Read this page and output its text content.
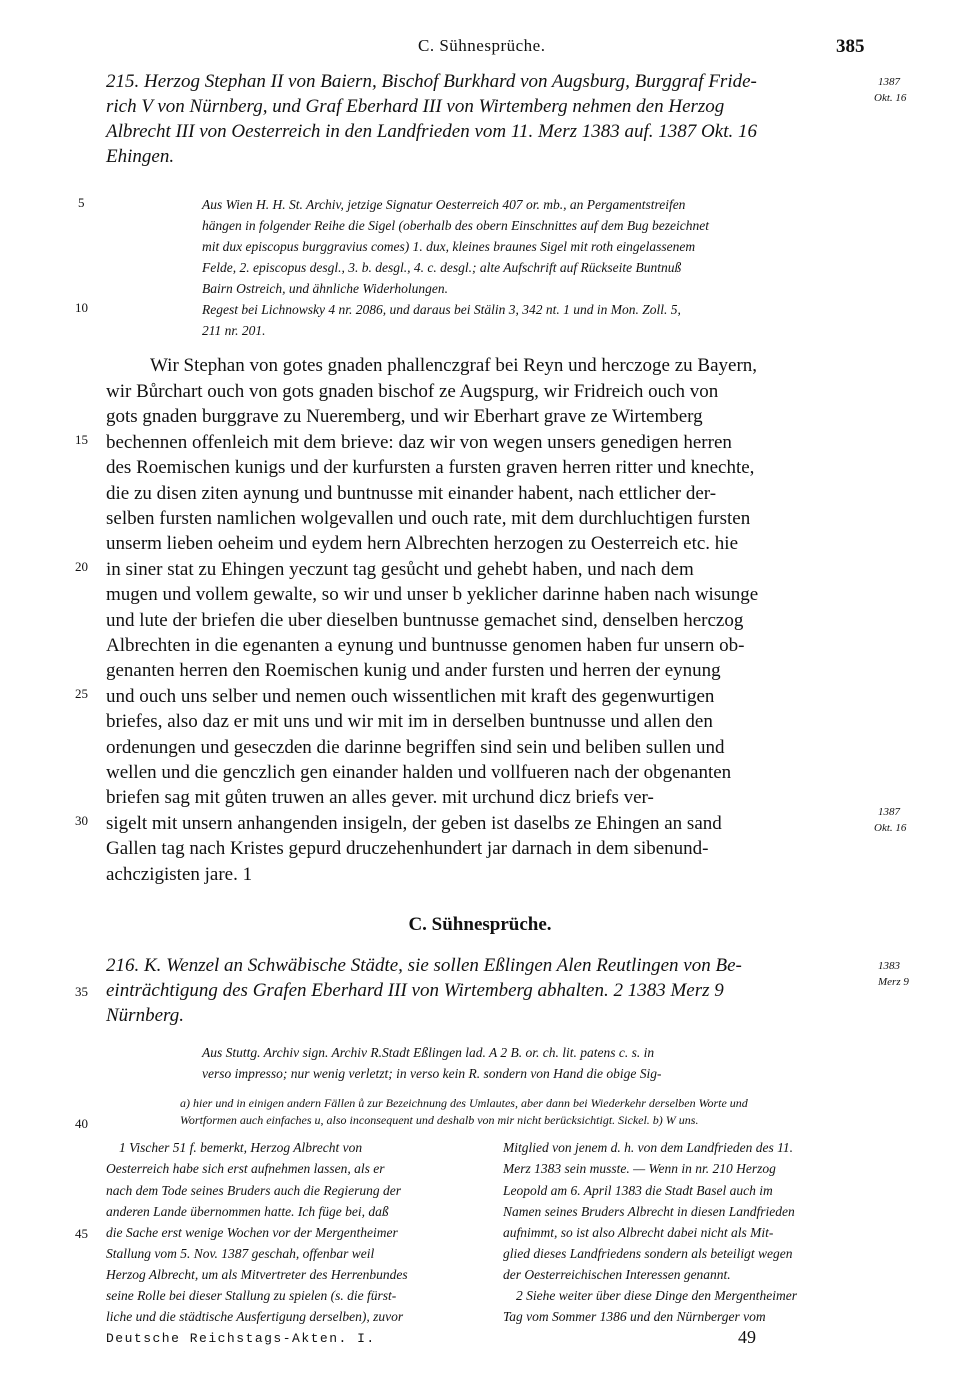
C. Sühnesprüche.	385
215. Herzog Stephan II von Baiern, Bischof Burkhard von Augsburg, Burggraf Fride-
rich V von Nürnberg, und Graf Eberhard III von Wirtemberg nehmen den Herzog
Albrecht III von Oesterreich in den Landfrieden vom 11. Merz 1383 auf. 1387 Okt. 16
Ehingen.
1387
Okt. 16
5
10
15
20
25
30
35
40
45
Aus Wien H. H. St. Archiv, jetzige Signatur Oesterreich 407 or. mb., an Pergamentstreifen
hängen in folgender Reihe die Sigel (oberhalb des obern Einschnittes auf dem Bug bezeichnet
mit dux episcopus burggravius comes) 1. dux, kleines braunes Sigel mit roth eingelassenem
Felde, 2. episcopus desgl., 3. b. desgl., 4. c. desgl.; alte Aufschrift auf Rückseite Buntnuß
Bairn Ostreich, und ähnliche Widerholungen.
Regest bei Lichnowsky 4 nr. 2086, und daraus bei Stälin 3, 342 nt. 1 und in Mon. Zoll. 5,
211 nr. 201.
Wir Stephan von gotes gnaden phallenczgraf bei Reyn und herczoge zu Bayern,
wir Bůrchart ouch von gots gnaden bischof ze Augspurg, wir Fridreich ouch von
gots gnaden burggrave zu Nueremberg, und wir Eberhart grave ze Wirtemberg
bechennen offenleich mit dem brieve: daz wir von wegen unsers genedigen herren
des Roemischen kunigs und der kurfursten a fursten graven herren ritter und knechte,
die zu disen ziten aynung und buntnusse mit einander habent, nach ettlicher der-
selben fursten namlichen wolgevallen und ouch rate, mit dem durchluchtigen fursten
unserm lieben oeheim und eydem hern Albrechten herzogen zu Oesterreich etc. hie
in siner stat zu Ehingen yeczunt tag gesůcht und gehebt haben, und nach dem
mugen und vollem gewalte, so wir und unser b yeklicher darinne haben nach wisunge
und lute der briefen die uber dieselben buntnusse gemachet sind, denselben herczog
Albrechten in die egenanten a eynung und buntnusse genomen haben fur unsern ob-
genanten herren den Roemischen kunig und ander fursten und herren der eynung
und ouch uns selber und nemen ouch wissentlichen mit kraft des gegenwurtigen
briefes, also daz er mit uns und wir mit im in derselben buntnusse und allen den
ordenungen und geseczden die darinne begriffen sind sein und beliben sullen und
wellen und die genczlich gen einander halden und vollfueren nach der obgenanten
briefen sag mit gůten truwen an alles gever. mit urchund dicz briefs ver-
sigelt mit unsern anhangenden insigeln, der geben ist daselbs ze Ehingen an sand
Gallen tag nach Kristes gepurd druczehenhundert jar darnach in dem sibenund-
achczigisten jare. 1
1387
Okt. 16
C. Sühnesprüche.
216. K. Wenzel an Schwäbische Städte, sie sollen Eßlingen Alen Reutlingen von Be-
einträchtigung des Grafen Eberhard III von Wirtemberg abhalten. 2 1383 Merz 9
Nürnberg.
1383
Merz 9
Aus Stuttg. Archiv sign. Archiv R.Stadt Eßlingen lad. A 2 B. or. ch. lit. patens c. s. in
verso impresso; nur wenig verletzt; in verso kein R. sondern von Hand die obige Sig-
a) hier und in einigen andern Fällen ů zur Bezeichnung des Umlautes, aber dann bei Wiederkehr derselben Worte und
Wortformen auch einfaches u, also inconsequent und deshalb von mir nicht berücksichtigt. Sickel. b) W uns.
1 Vischer 51 f. bemerkt, Herzog Albrecht von
Oesterreich habe sich erst aufnehmen lassen, als er
nach dem Tode seines Bruders auch die Regierung der
anderen Lande übernommen hatte. Ich füge bei, daß
die Sache erst wenige Wochen vor der Mergentheimer
Stallung vom 5. Nov. 1387 geschah, offenbar weil
Herzog Albrecht, um als Mitvertreter des Herrenbundes
seine Rolle bei dieser Stallung zu spielen (s. die fürst-
liche und die städtische Ausfertigung derselben), zuvor
Mitglied von jenem d. h. von dem Landfrieden des 11.
Merz 1383 sein musste. — Wenn in nr. 210 Herzog
Leopold am 6. April 1383 die Stadt Basel auch im
Namen seines Bruders Albrecht in diesen Landfrieden
aufnimmt, so ist also Albrecht dabei nicht als Mit-
glied dieses Landfriedens sondern als beteiligt wegen
der Oesterreichischen Interessen genannt.
2 Siehe weiter über diese Dinge den Mergentheimer
Tag vom Sommer 1386 und den Nürnberger vom
Deutsche Reichstags-Akten. I.	49
